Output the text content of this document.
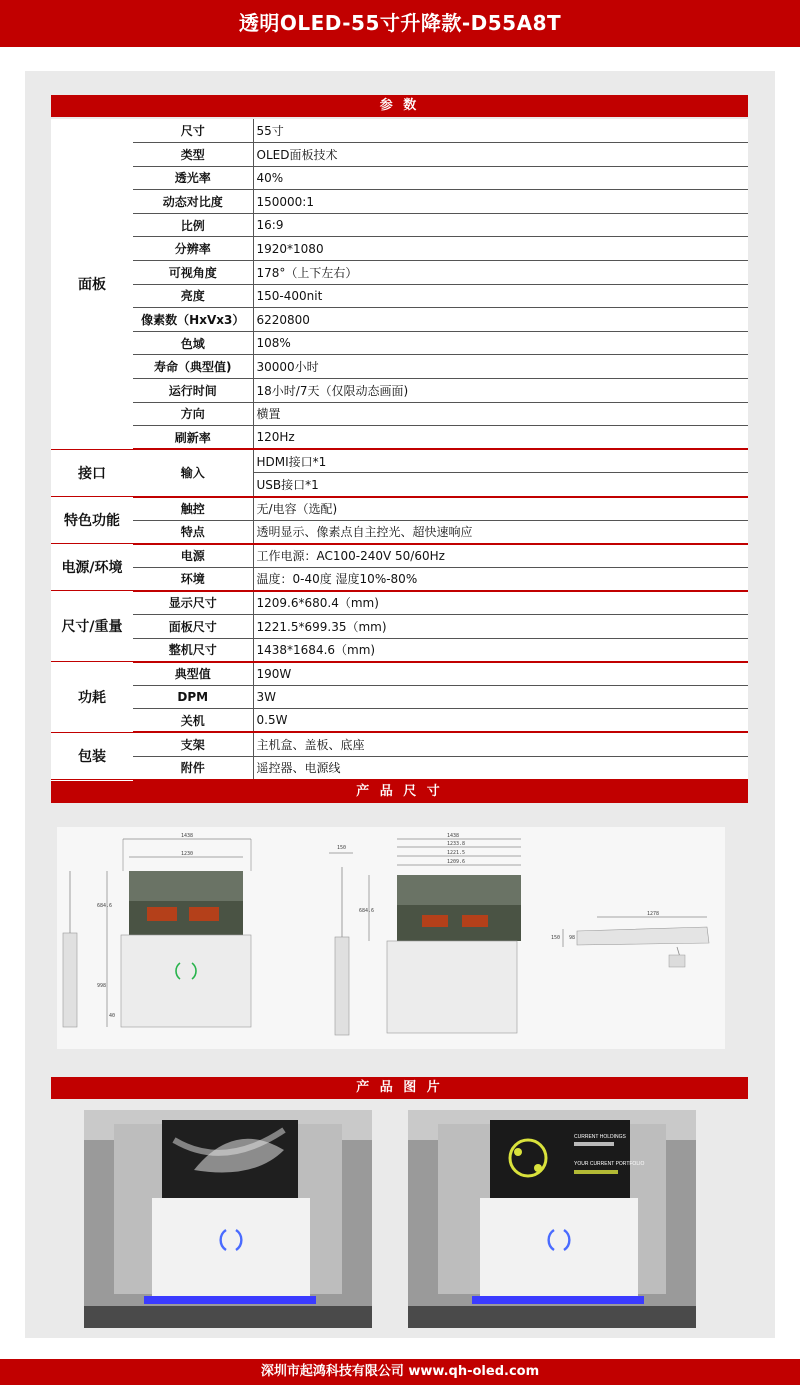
透明OLED-55寸升降款-D55A8T
参 数
面板	尺寸	55寸
	类型	OLED面板技术
	透光率	40%
	动态对比度	150000:1
	比例	16:9
	分辨率	1920*1080
	可视角度	178°（上下左右）
	亮度	150-400nit
	像素数（HxVx3）	6220800
	色域	108%
	寿命（典型值)	30000小时
	运行时间	18小时/7天（仅限动态画面)
	方向	横置
	刷新率	120Hz
接口	输入	HDMI接口*1
		USB接口*1
特色功能	触控	无/电容（选配)
	特点	透明显示、像素点自主控光、超快速响应
电源/环境	电源	工作电源：AC100-240V 50/60Hz
	环境	温度：0-40度 湿度10%-80%
尺寸/重量	显示尺寸	1209.6*680.4（mm)
	面板尺寸	1221.5*699.35（mm)
	整机尺寸	1438*1684.6（mm)
功耗	典型值	190W
	DPM	3W
	关机	0.5W
包装	支架	主机盒、盖板、底座
	附件	遥控器、电源线
产 品 尺 寸
1438
1230
684.6
998
40
150
1438
1233.8
1221.5
1209.6
684.6	1278
150 98
产 品 图 片
CURRENT HOLDINGS
YOUR CURRENT PORTFOLIO
深圳市起鸿科技有限公司 www.qh-oled.com
